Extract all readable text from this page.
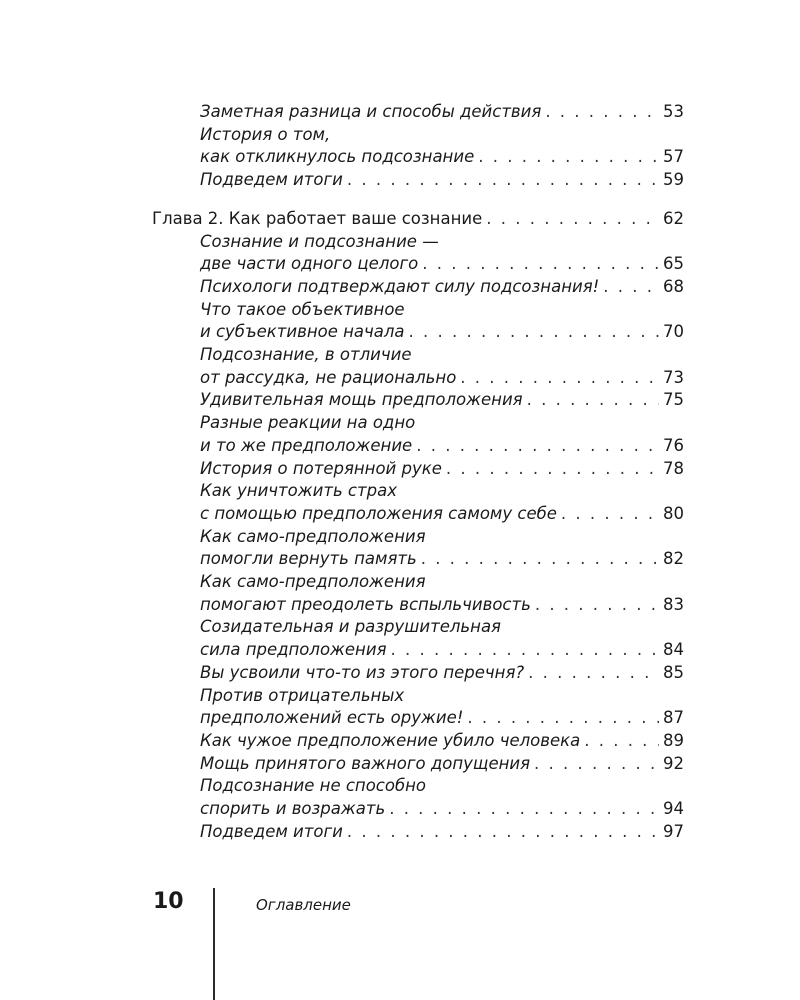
Заметная разница и способы действия . . .	53
История о том,
как откликнулось подсознание . . .	57
Подведем итоги . . .	59
Глава 2. Как работает ваше сознание . . .	62
Сознание и подсознание —
две части одного целого . . .	65
Психологи подтверждают силу подсознания! . . .	68
Что такое объективное
и субъективное начала . . .	70
Подсознание, в отличие
от рассудка, не рационально . . .	73
Удивительная мощь предположения . . .	75
Разные реакции на одно
и то же предположение . . .	76
История о потерянной руке . . .	78
Как уничтожить страх
с помощью предположения самому себе . . .	80
Как само-предположения
помогли вернуть память . . .	82
Как само-предположения
помогают преодолеть вспыльчивость . . .	83
Созидательная и разрушительная
сила предположения . . .	84
Вы усвоили что-то из этого перечня? . . .	85
Против отрицательных
предположений есть оружие! . . .	87
Как чужое предположение убило человека . . .	89
Мощь принятого важного допущения . . .	92
Подсознание не способно
спорить и возражать . . .	94
Подведем итоги . . .	97
10	Оглавление
